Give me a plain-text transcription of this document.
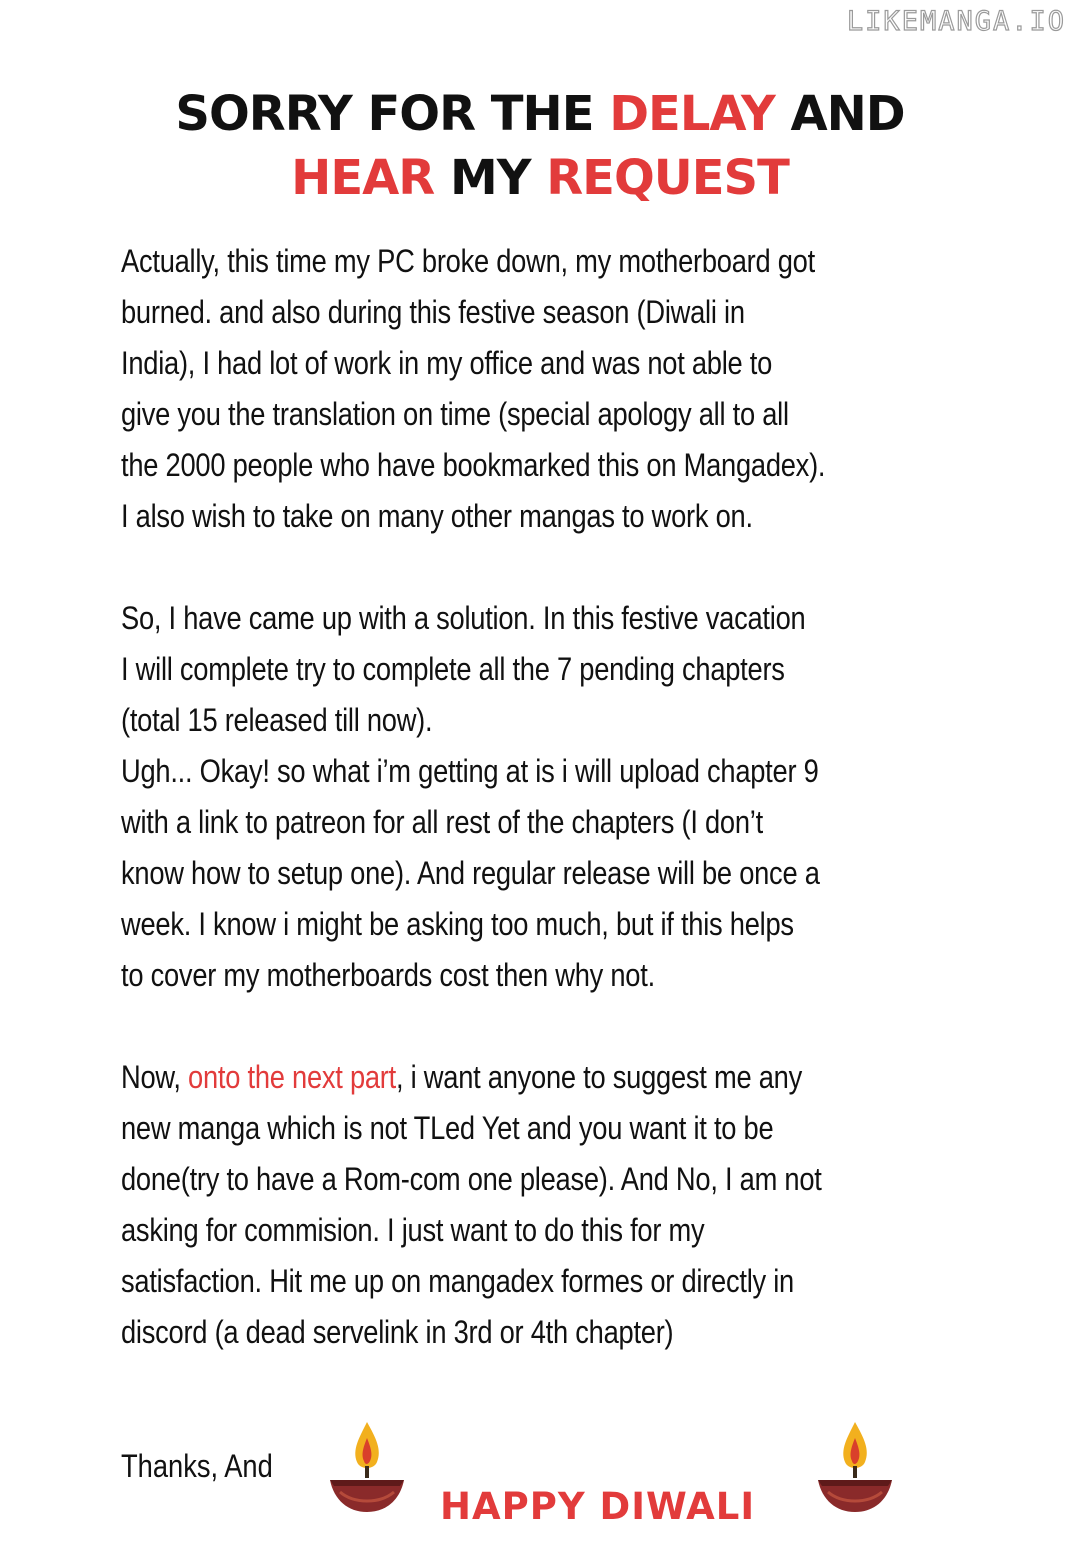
LIKEMANGA.IO
SORRY FOR THE DELAY AND
HEAR MY REQUEST
Actually, this time my PC broke down, my motherboard got
burned. and also during this festive season (Diwali in
India), I had lot of work in my office and was not able to
give you the translation on time (special apology all to all
the 2000 people who have bookmarked this on Mangadex).
I also wish to take on many other mangas to work on.
So, I have came up with a solution. In this festive vacation
I will complete try to complete all the 7 pending chapters
(total 15 released till now).
Ugh... Okay! so what i’m getting at is i will upload chapter 9
with a link to patreon for all rest of the chapters (I don’t
know how to setup one). And regular release will be once a
week. I know i might be asking too much, but if this helps
to cover my motherboards cost then why not.
Now, onto the next part, i want anyone to suggest me any
new manga which is not TLed Yet and you want it to be
done(try to have a Rom-com one please). And No, I am not
asking for commision. I just want to do this for my
satisfaction. Hit me up on mangadex formes or directly in
discord (a dead servelink in 3rd or 4th chapter)
Thanks, And
HAPPY DIWALI
